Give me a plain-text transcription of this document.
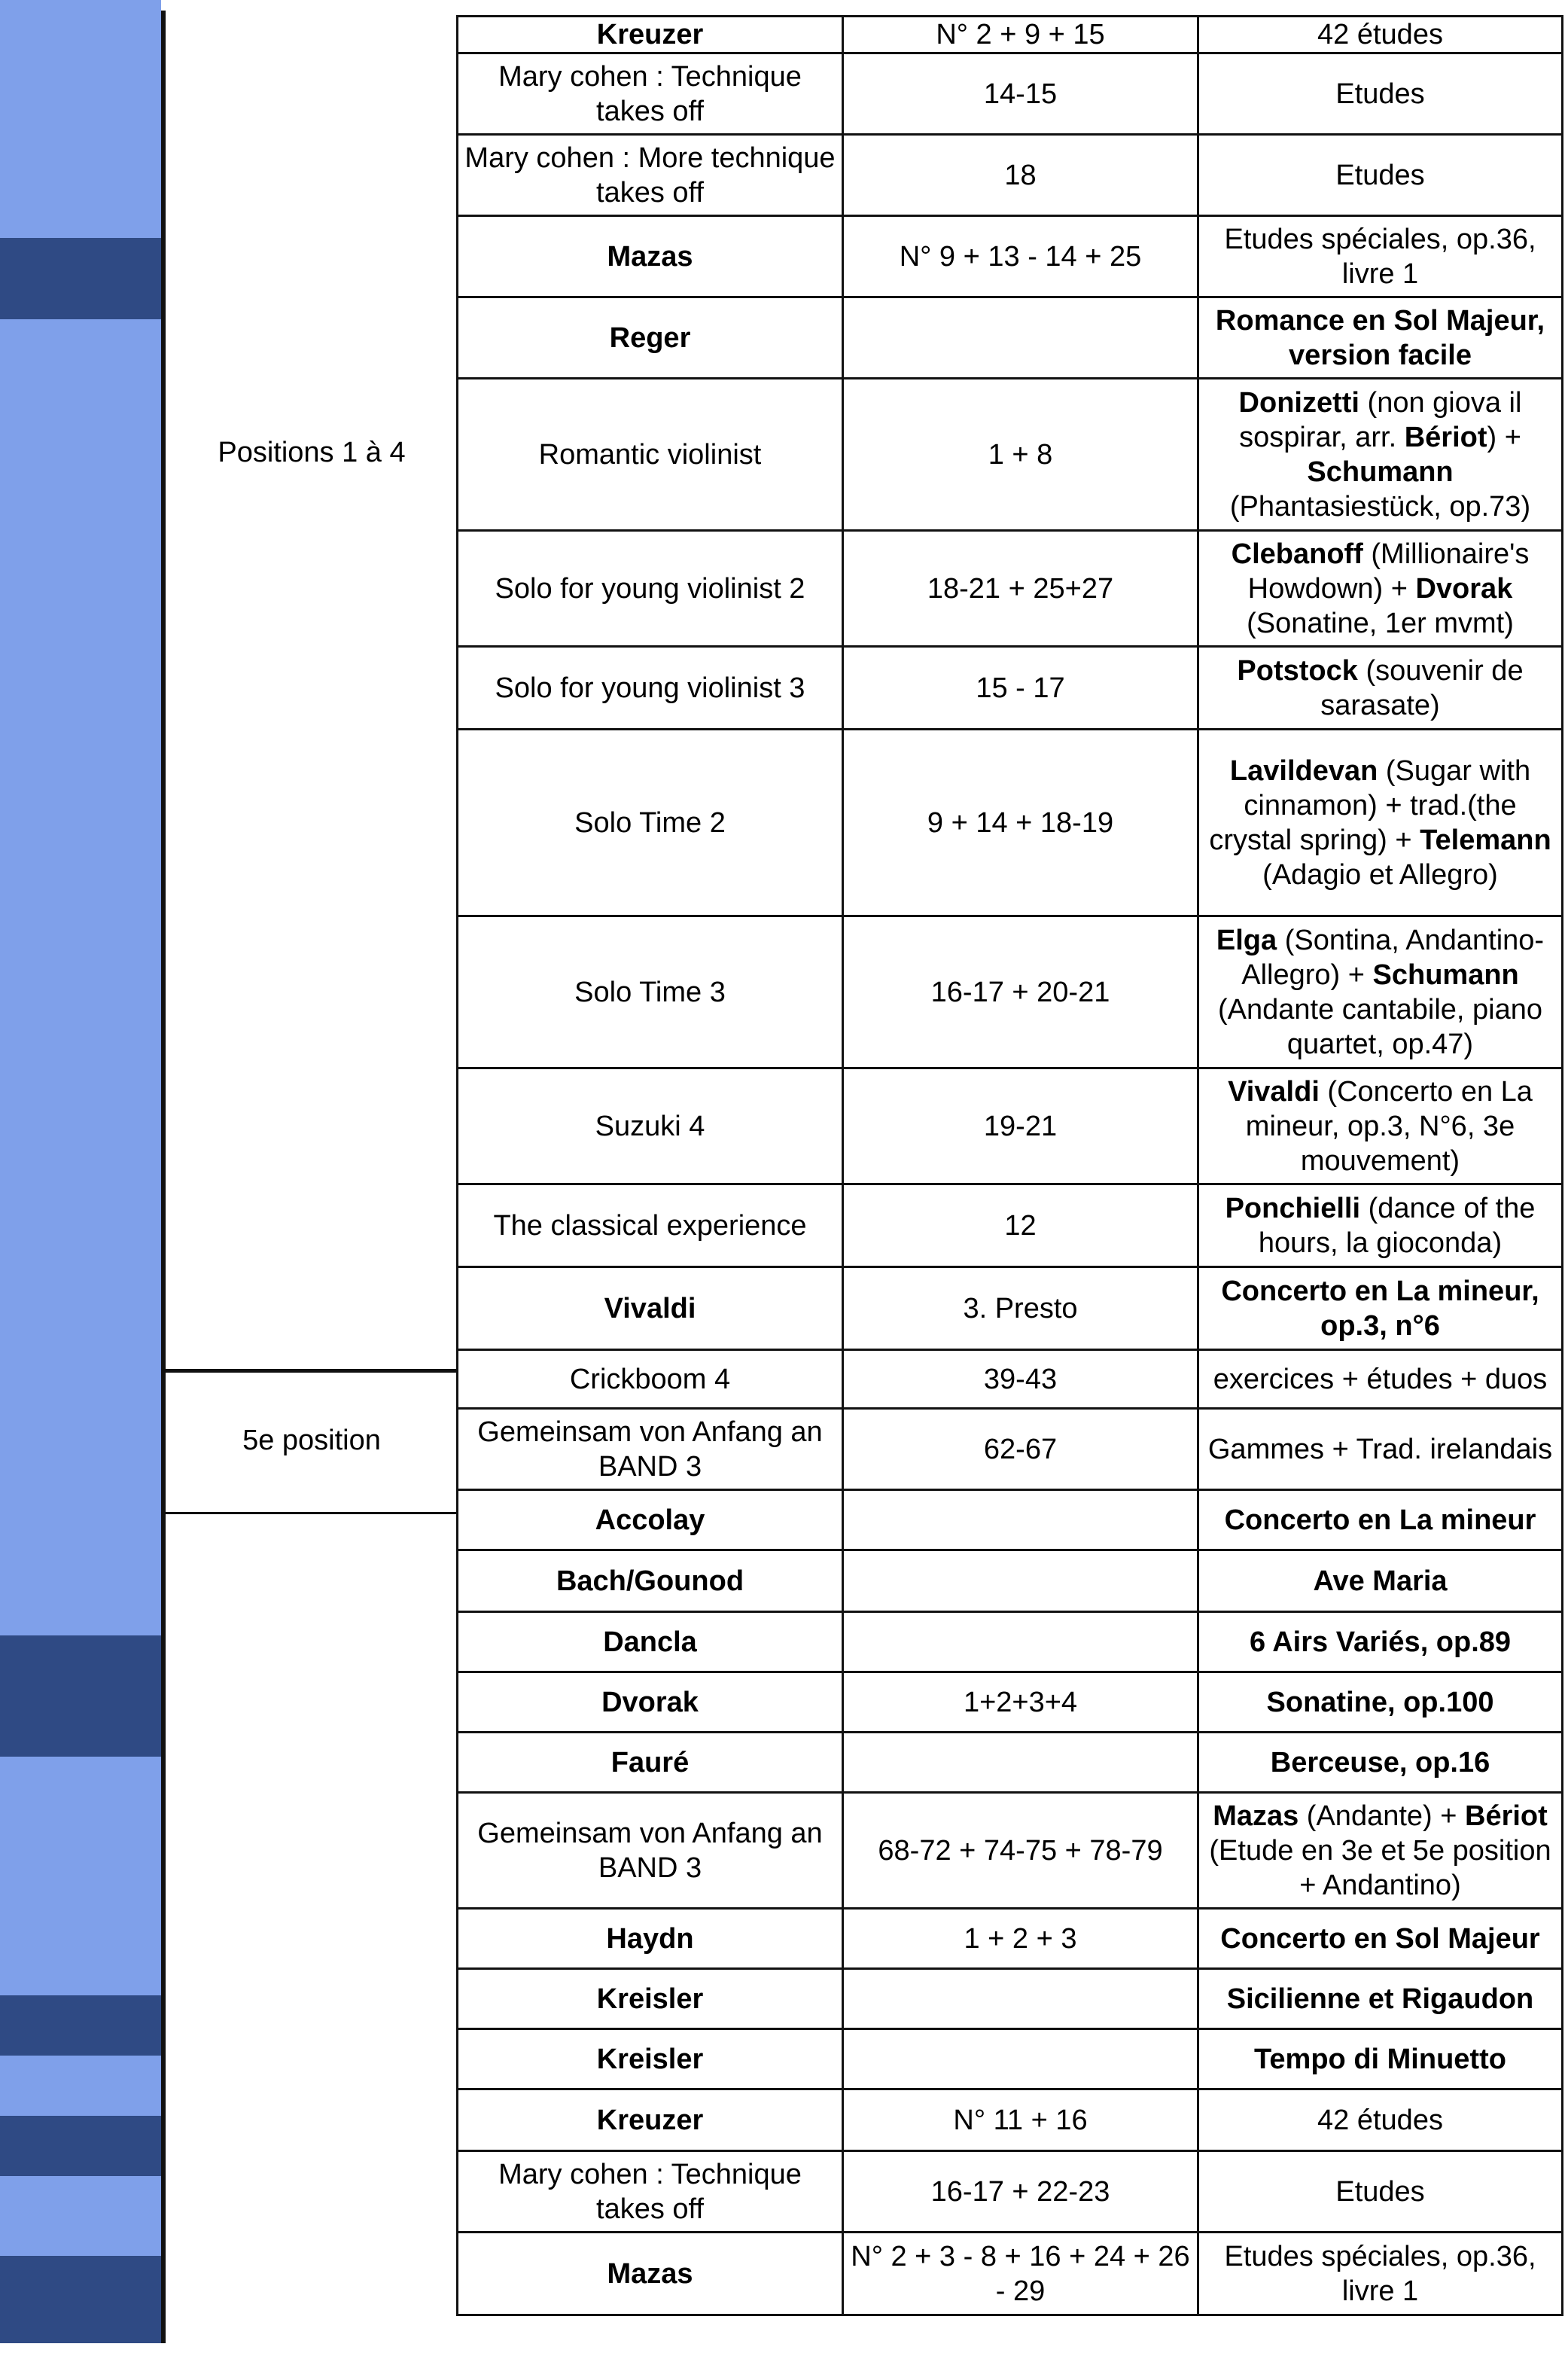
Positions 1 à 4
5e position
Kreuzer	N° 2 + 9 + 15	42 études
Mary cohen : Technique takes off	14-15	Etudes
Mary cohen : More technique takes off	18	Etudes
Mazas	N° 9 + 13 - 14 + 25	Etudes spéciales, op.36, livre 1
Reger		Romance en Sol Majeur, version facile
Romantic violinist	1 + 8	Donizetti (non giova il sospirar, arr. Bériot) + Schumann (Phantasiestück, op.73)
Solo for young violinist 2	18-21 + 25+27	Clebanoff (Millionaire's Howdown) + Dvorak (Sonatine, 1er mvmt)
Solo for young violinist 3	15 - 17	Potstock (souvenir de sarasate)
Solo Time 2	9 + 14 + 18-19	Lavildevan (Sugar with cinnamon) + trad.(the crystal spring) + Telemann (Adagio et Allegro)
Solo Time 3	16-17 + 20-21	Elga (Sontina, Andantino-Allegro) + Schumann (Andante cantabile, piano quartet, op.47)
Suzuki 4	19-21	Vivaldi (Concerto en La mineur, op.3, N°6, 3e mouvement)
The classical experience	12	Ponchielli (dance of the hours, la gioconda)
Vivaldi	3. Presto	Concerto en La mineur, op.3, n°6
Crickboom 4	39-43	exercices + études + duos
Gemeinsam von Anfang an BAND 3	62-67	Gammes + Trad. irelandais
Accolay		Concerto en La mineur
Bach/Gounod		Ave Maria
Dancla		6 Airs Variés, op.89
Dvorak	1+2+3+4	Sonatine, op.100
Fauré		Berceuse, op.16
Gemeinsam von Anfang an BAND 3	68-72 + 74-75 + 78-79	Mazas (Andante) + Bériot (Etude en 3e et 5e position + Andantino)
Haydn	1 + 2 + 3	Concerto en Sol Majeur
Kreisler		Sicilienne et Rigaudon
Kreisler		Tempo di Minuetto
Kreuzer	N° 11 + 16	42 études
Mary cohen : Technique takes off	16-17 + 22-23	Etudes
Mazas	N° 2 + 3 - 8 + 16 + 24 + 26 - 29	Etudes spéciales, op.36, livre 1
